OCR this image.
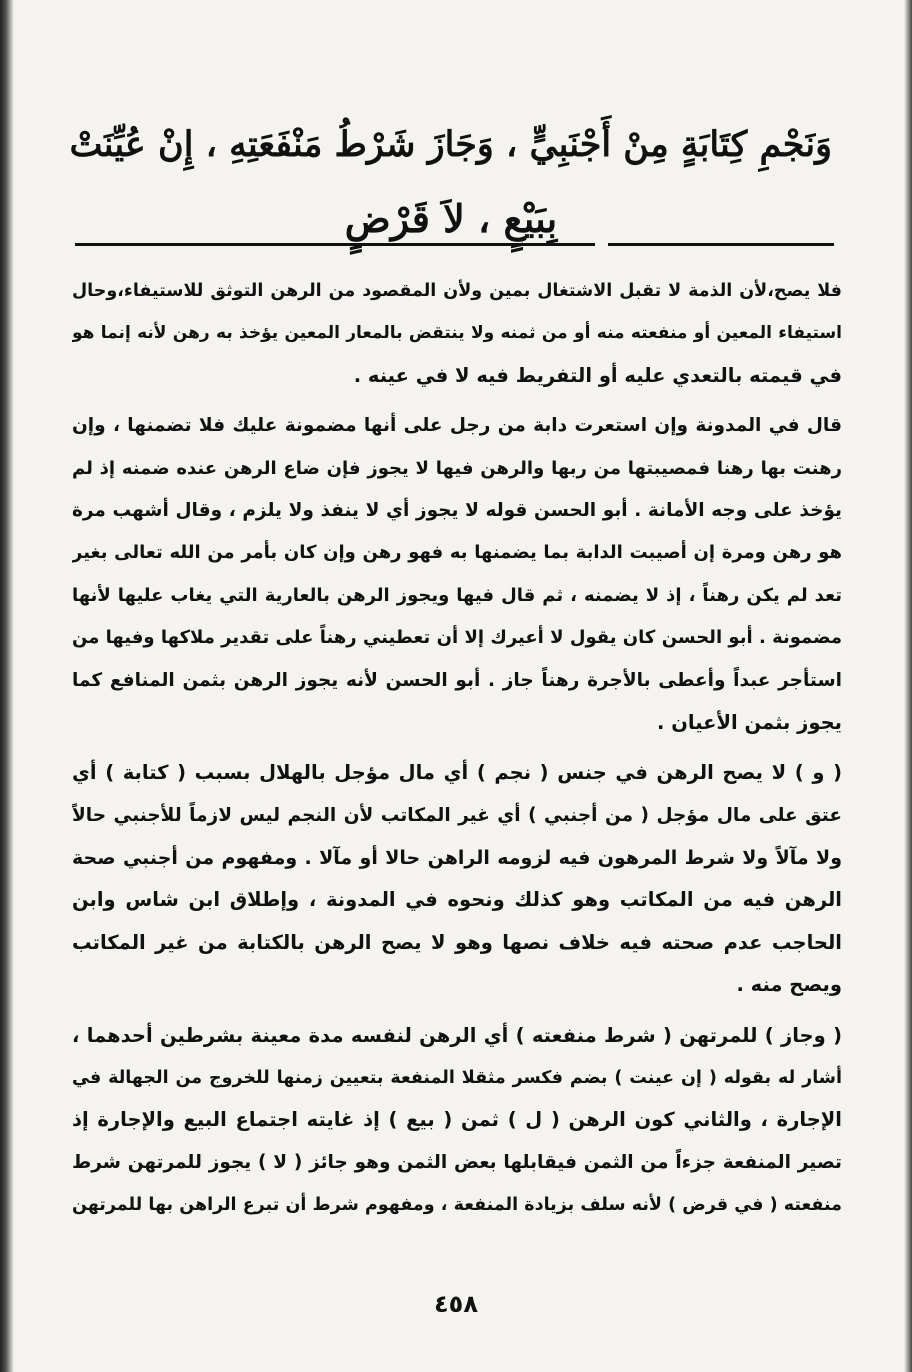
وَنَجْمِ كِتَابَةٍ مِنْ أَجْنَبِيٍّ ، وَجَازَ شَرْطُ مَنْفَعَتِهِ ، إِنْ عُيِّنَتْ
بِبَيْعٍ ، لاَ قَرْضٍ
فلا يصح،لأن الذمة لا تقبل الاشتغال بمين ولأن المقصود من الرهن التوثق للاستيفاء،وحال
استيفاء المعين أو منفعته منه أو من ثمنه ولا ينتقض بالمعار المعين يؤخذ به رهن لأنه إنما هو
في قيمته بالتعدي عليه أو التفريط فيه لا في عينه .
قال في المدونة وإن استعرت دابة من رجل على أنها مضمونة عليك فلا تضمنها ، وإن
رهنت بها رهنا فمصيبتها من ربها والرهن فيها لا يجوز فإن ضاع الرهن عنده ضمنه إذ لم
يؤخذ على وجه الأمانة . أبو الحسن قوله لا يجوز أي لا ينفذ ولا يلزم ، وقال أشهب مرة
هو رهن ومرة إن أصيبت الدابة بما يضمنها به فهو رهن وإن كان بأمر من الله تعالى بغير
تعد لم يكن رهناً ، إذ لا يضمنه ، ثم قال فيها ويجوز الرهن بالعارية التي يغاب عليها لأنها
مضمونة . أبو الحسن كان يقول لا أعيرك إلا أن تعطيني رهناً على تقدير ملاكها وفيها من
استأجر عبداً وأعطى بالأجرة رهناً جاز . أبو الحسن لأنه يجوز الرهن بثمن المنافع كما
يجوز بثمن الأعيان .
( و ) لا يصح الرهن في جنس ( نجم ) أي مال مؤجل بالهلال بسبب ( كتابة ) أي
عتق على مال مؤجل ( من أجنبي ) أي غير المكاتب لأن النجم ليس لازماً للأجنبي حالاً
ولا مآلاً ولا شرط المرهون فيه لزومه الراهن حالا أو مآلا . ومفهوم من أجنبي صحة
الرهن فيه من المكاتب وهو كذلك ونحوه في المدونة ، وإطلاق ابن شاس وابن
الحاجب عدم صحته فيه خلاف نصها وهو لا يصح الرهن بالكتابة من غير المكاتب
ويصح منه .
( وجاز ) للمرتهن ( شرط منفعته ) أي الرهن لنفسه مدة معينة بشرطين أحدهما ،
أشار له بقوله ( إن عينت ) بضم فكسر مثقلا المنفعة بتعيين زمنها للخروج من الجهالة في
الإجارة ، والثاني كون الرهن ( ل ) ثمن ( بيع ) إذ غايته اجتماع البيع والإجارة إذ
تصير المنفعة جزءاً من الثمن فيقابلها بعض الثمن وهو جائز ( لا ) يجوز للمرتهن شرط
منفعته ( في قرض ) لأنه سلف بزيادة المنفعة ، ومفهوم شرط أن تبرع الراهن بها للمرتهن
٤٥٨
